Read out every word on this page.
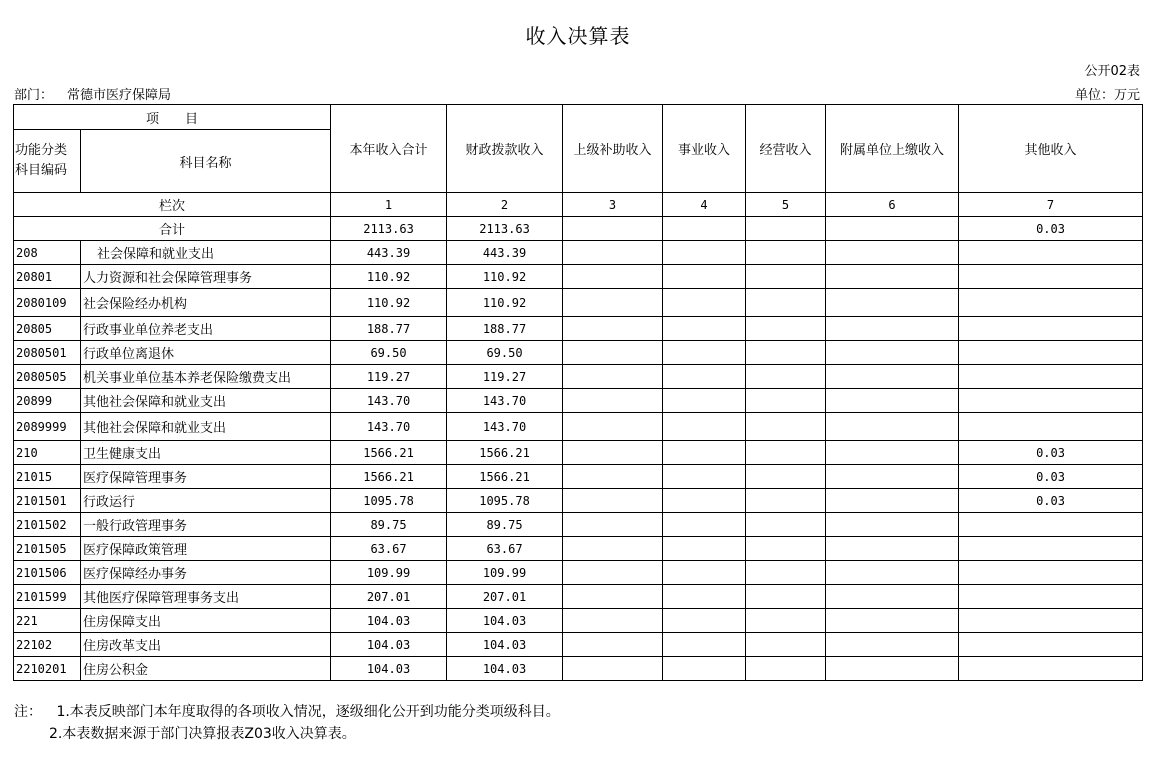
收入决算表
公开02表
部门： 常德市医疗保障局	单位：万元
项　　目		本年收入合计	财政拨款收入	上级补助收入	事业收入	经营收入	附属单位上缴收入	其他收入
功能分类科目编码	科目名称							
栏次		1	2	3	4	5	6	7
合计		2113.63	2113.63					0.03
208	社会保障和就业支出	443.39	443.39					
20801	人力资源和社会保障管理事务	110.92	110.92					
2080109	社会保险经办机构	110.92	110.92					
20805	行政事业单位养老支出	188.77	188.77					
2080501	行政单位离退休	69.50	69.50					
2080505	机关事业单位基本养老保险缴费支出	119.27	119.27					
20899	其他社会保障和就业支出	143.70	143.70					
2089999	其他社会保障和就业支出	143.70	143.70					
210	卫生健康支出	1566.21	1566.21					0.03
21015	医疗保障管理事务	1566.21	1566.21					0.03
2101501	行政运行	1095.78	1095.78					0.03
2101502	一般行政管理事务	89.75	89.75					
2101505	医疗保障政策管理	63.67	63.67					
2101506	医疗保障经办事务	109.99	109.99					
2101599	其他医疗保障管理事务支出	207.01	207.01					
221	住房保障支出	104.03	104.03					
22102	住房改革支出	104.03	104.03					
2210201	住房公积金	104.03	104.03					
注： 1.本表反映部门本年度取得的各项收入情况，逐级细化公开到功能分类项级科目。
2.本表数据来源于部门决算报表Z03收入决算表。
